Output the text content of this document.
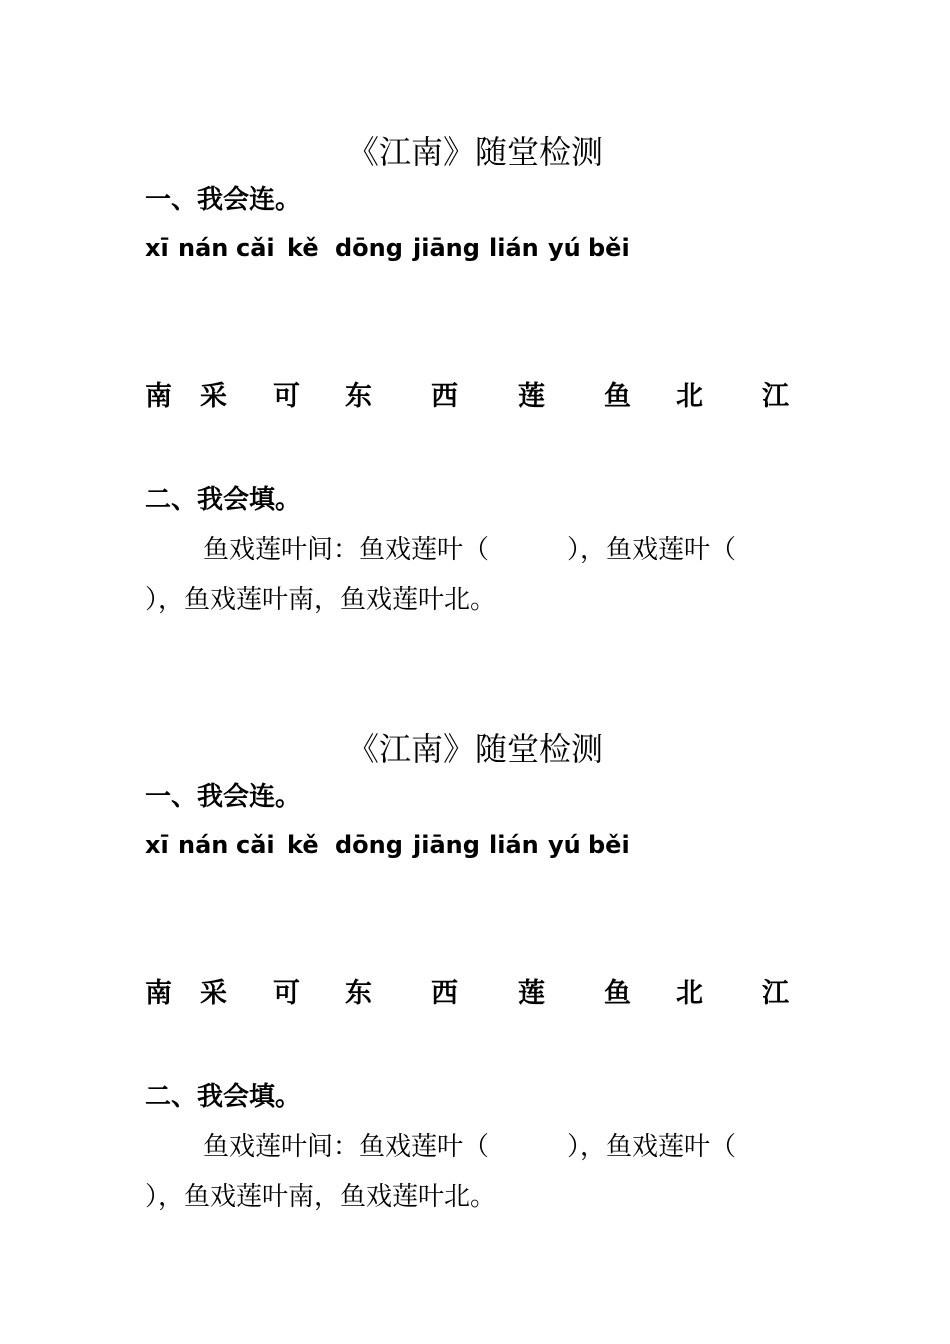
《江南》随堂检测
一、我会连。
xī nán cǎi kě dōng jiāng lián yú běi
南 采 可 东 西 莲 鱼 北 江
二、我会填。
鱼戏莲叶间：鱼戏莲叶（　　　），鱼戏莲叶（
），鱼戏莲叶南，鱼戏莲叶北。
《江南》随堂检测
一、我会连。
xī nán cǎi kě dōng jiāng lián yú běi
南 采 可 东 西 莲 鱼 北 江
二、我会填。
鱼戏莲叶间：鱼戏莲叶（　　　），鱼戏莲叶（
），鱼戏莲叶南，鱼戏莲叶北。
